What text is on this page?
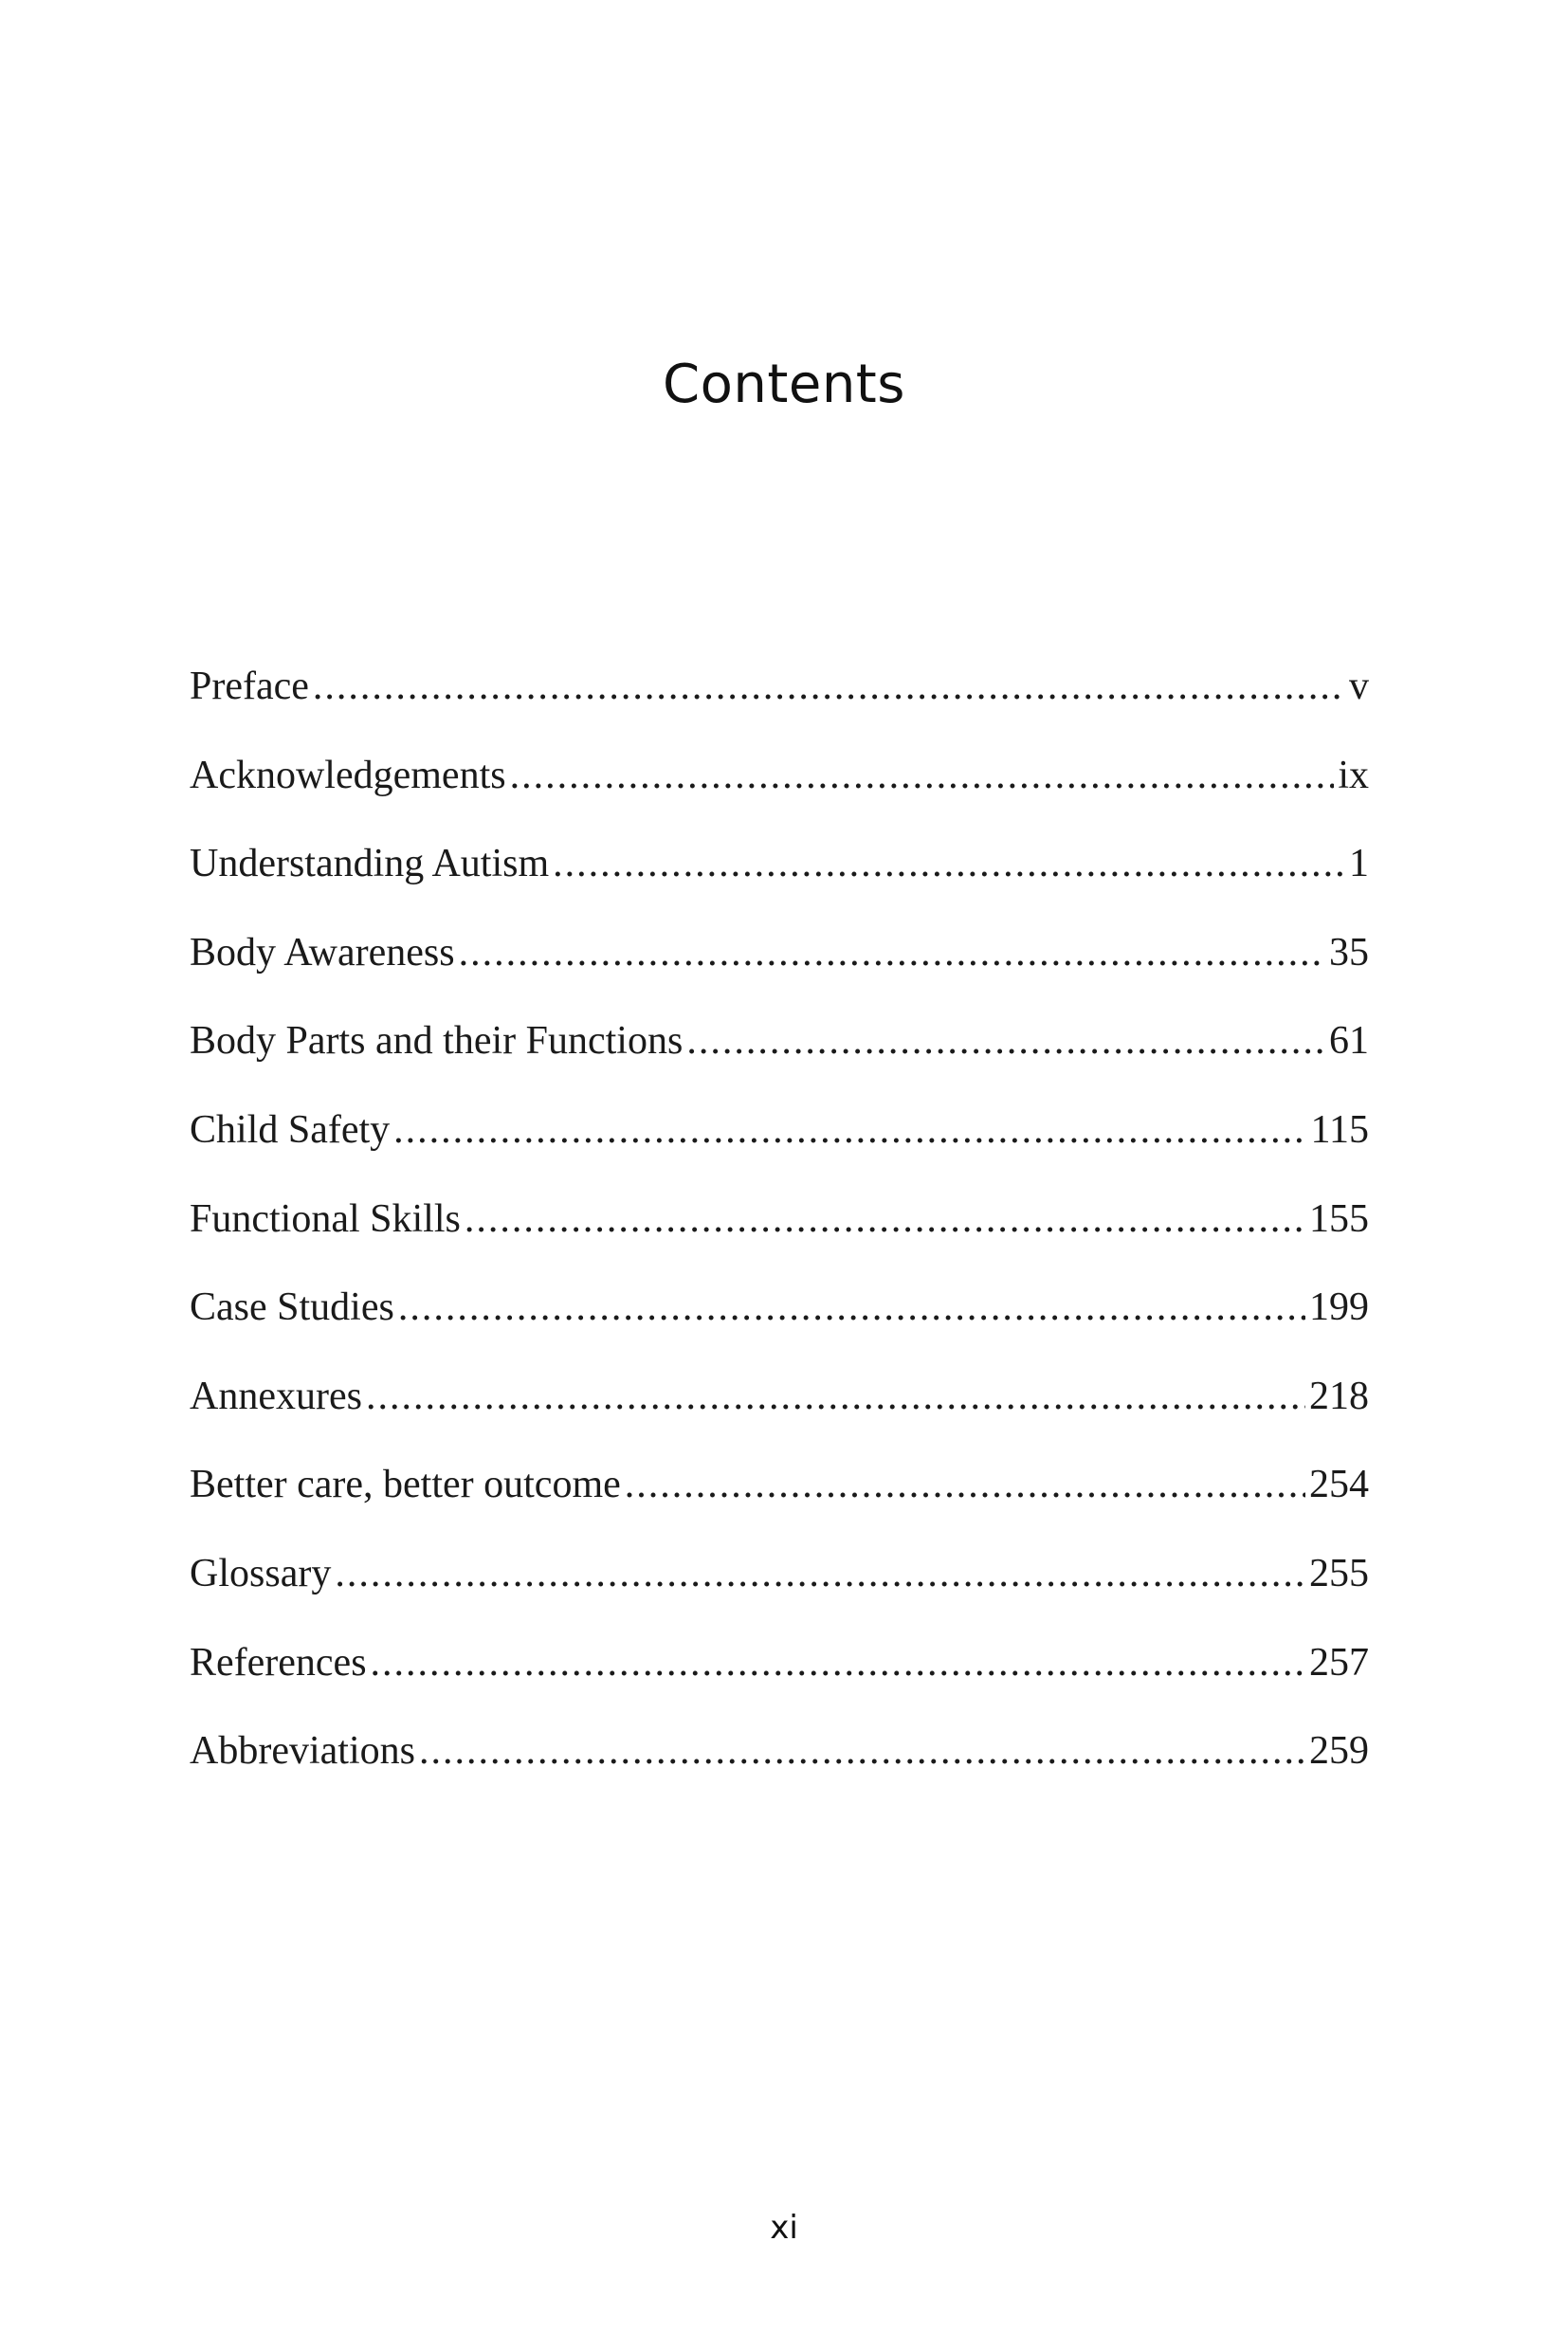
Contents
Preface .....	v
Acknowledgements .....	ix
Understanding Autism .....	1
Body Awareness .....	35
Body Parts and their Functions .....	61
Child Safety .....	115
Functional Skills .....	155
Case Studies .....	199
Annexures .....	218
Better care, better outcome .....	254
Glossary .....	255
References .....	257
Abbreviations .....	259
xi
